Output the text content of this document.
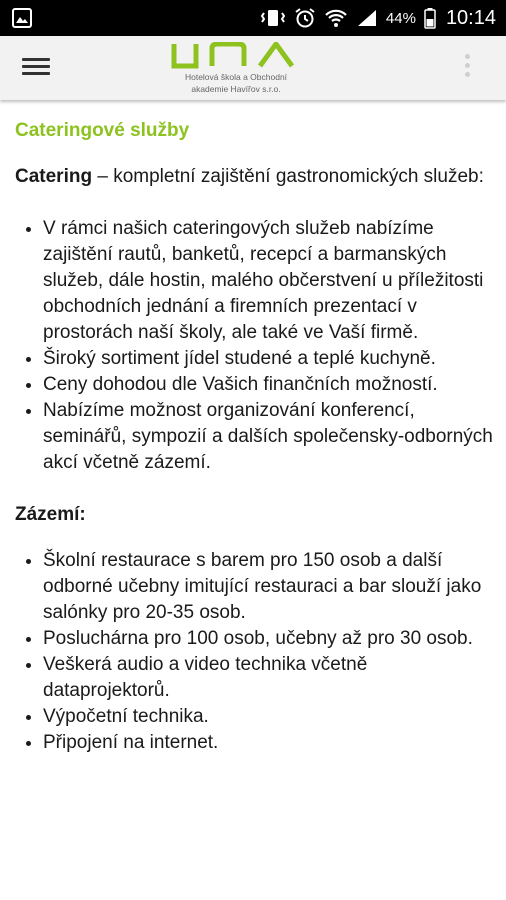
44% 10:14
Hotelová škola a Obchodní
akademie Havířov s.r.o.
Cateringové služby

Catering – kompletní zajištění gastronomických služeb:

• V rámci našich cateringových služeb nabízíme zajištění rautů, banketů, recepcí a barmanských služeb, dále hostin, malého občerstvení u příležitosti obchodních jednání a firemních prezentací v prostorách naší školy, ale také ve Vaší firmě.
• Široký sortiment jídel studené a teplé kuchyně.
• Ceny dohodou dle Vašich finančních možností.
• Nabízíme možnost organizování konferencí, seminářů, sympozií a dalších společensky-odborných akcí včetně zázemí.
Zázemí:
• Školní restaurace s barem pro 150 osob a další odborné učebny imitující restauraci a bar slouží jako salónky pro 20-35 osob.
• Posluchárna pro 100 osob, učebny až pro 30 osob.
• Veškerá audio a video technika včetně dataprojektorů.
• Výpočetní technika.
• Připojení na internet.
